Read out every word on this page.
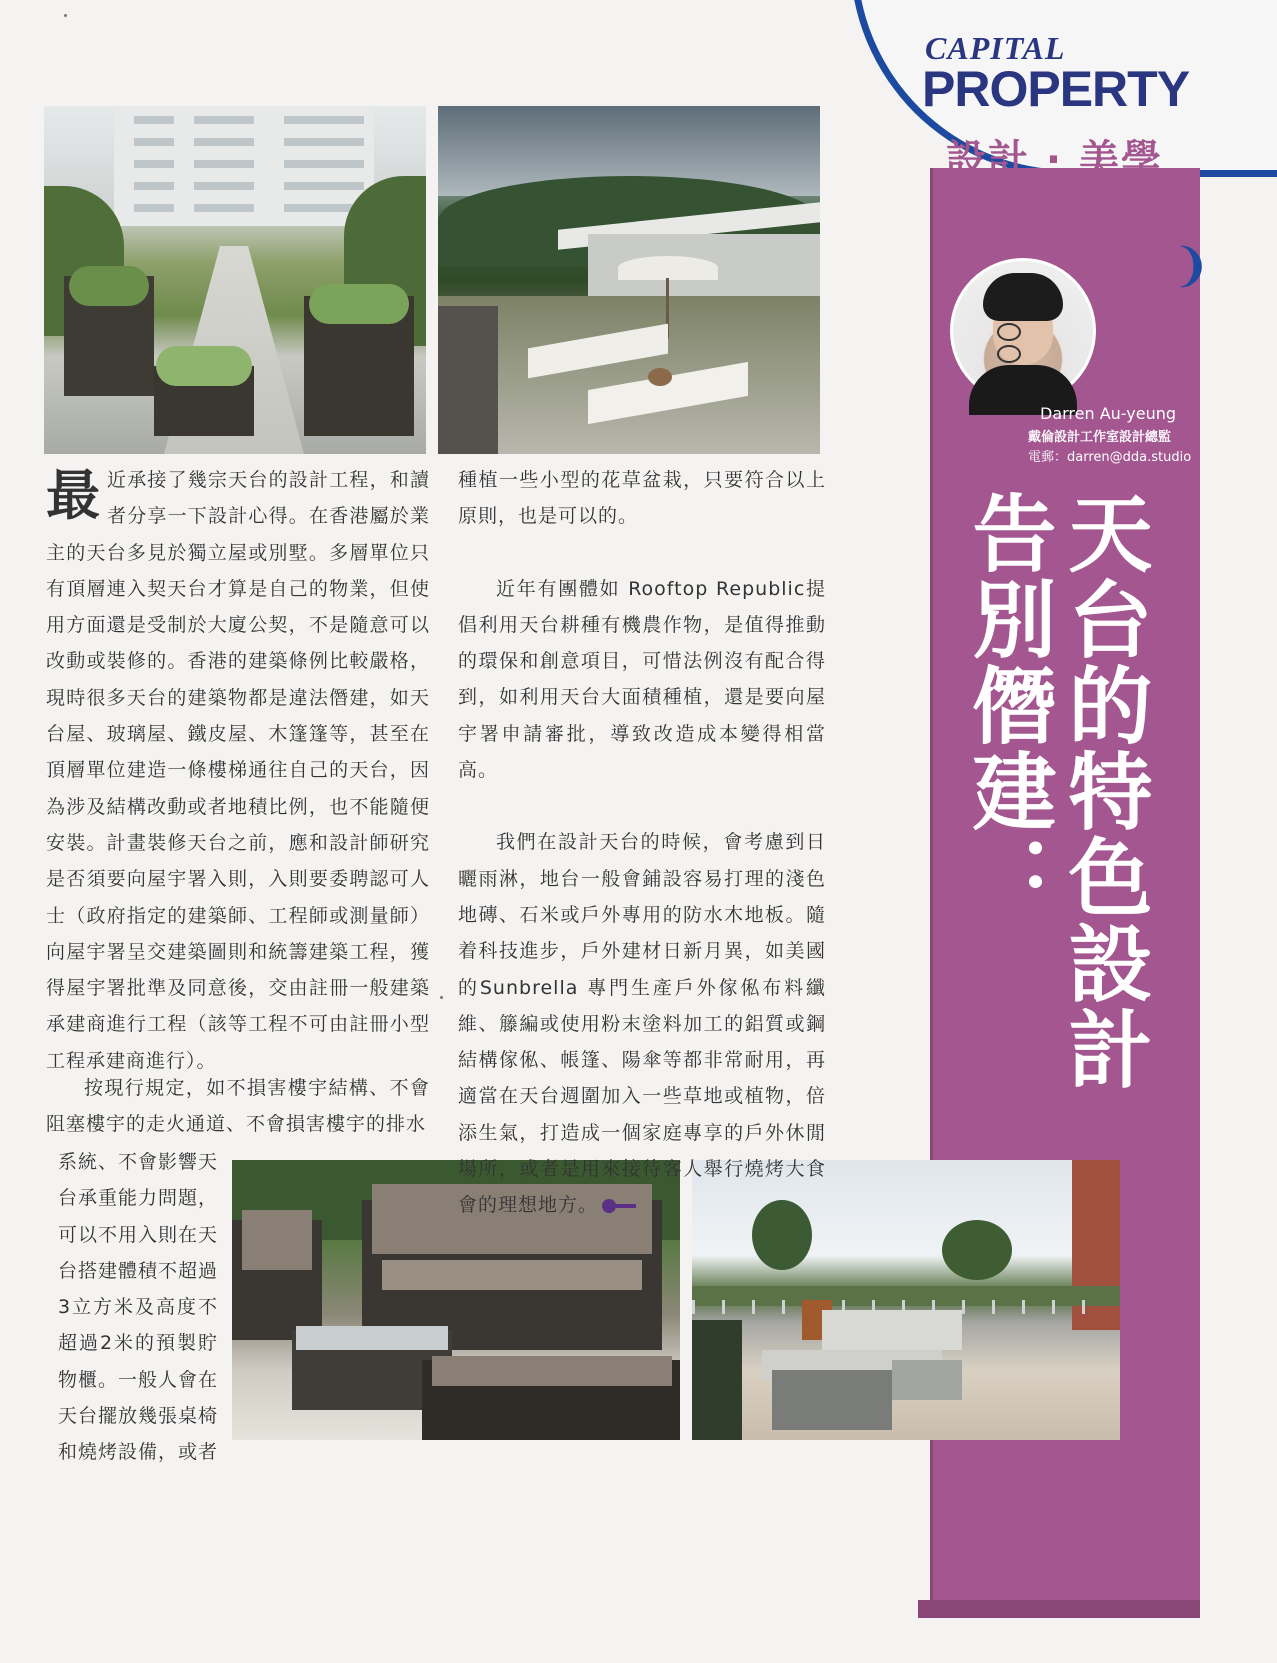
CAPITAL
PROPERTY
設計 · 美學
❩
Darren Au-yeung
戴倫設計工作室設計總監
電郵：darren@dda.studio
天台的特色設計
告別僭建：
最 近承接了幾宗天台的設計工程，和讀者分享一下設計心得。在香港屬於業主的天台多見於獨立屋或別墅。多層單位只有頂層連入契天台才算是自己的物業，但使用方面還是受制於大廈公契，不是隨意可以改動或裝修的。香港的建築條例比較嚴格，現時很多天台的建築物都是違法僭建，如天台屋、玻璃屋、鐵皮屋、木篷篷等，甚至在頂層單位建造一條樓梯通往自己的天台，因為涉及結構改動或者地積比例，也不能隨便安裝。計畫裝修天台之前，應和設計師研究是否須要向屋宇署入則，入則要委聘認可人士（政府指定的建築師、工程師或測量師）向屋宇署呈交建築圖則和統籌建築工程，獲得屋宇署批準及同意後，交由註冊一般建築承建商進行工程（該等工程不可由註冊小型工程承建商進行）。

按現行規定，如不損害樓宇結構、不會阻塞樓宇的走火通道、不會損害樓宇的排水

系統、不會影響天台承重能力問題，可以不用入則在天台搭建體積不超過3立方米及高度不超過2米的預製貯物櫃。一般人會在天台擺放幾張桌椅和燒烤設備，或者

種植一些小型的花草盆栽，只要符合以上原則，也是可以的。

近年有團體如 Rooftop Republic提倡利用天台耕種有機農作物，是值得推動的環保和創意項目，可惜法例沒有配合得到，如利用天台大面積種植，還是要向屋宇署申請審批，導致改造成本變得相當高。

我們在設計天台的時候，會考慮到日曬雨淋，地台一般會鋪設容易打理的淺色地磚、石米或戶外專用的防水木地板。隨着科技進步，戶外建材日新月異，如美國的Sunbrella 專門生產戶外傢俬布料纖維、籐編或使用粉末塗料加工的鋁質或鋼結構傢俬、帳篷、陽傘等都非常耐用，再適當在天台週圍加入一些草地或植物，倍添生氣，打造成一個家庭專享的戶外休閒場所，或者是用來接待客人舉行燒烤大食會的理想地方。
